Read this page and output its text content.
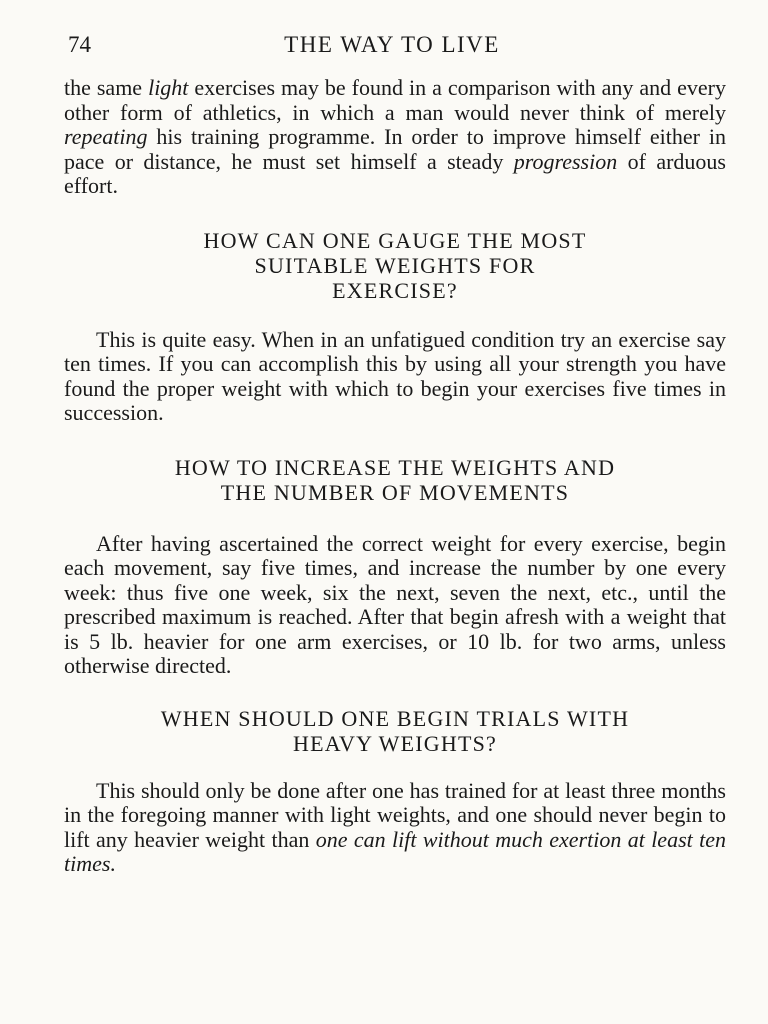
74	THE WAY TO LIVE

the same light exercises may be found in a comparison with any and every other form of athletics, in which a man would never think of merely repeating his training programme. In order to improve himself either in pace or distance, he must set himself a steady progression of arduous effort.

HOW CAN ONE GAUGE THE MOST
SUITABLE WEIGHTS FOR
EXERCISE?

This is quite easy. When in an unfatigued condition try an exercise say ten times. If you can accomplish this by using all your strength you have found the proper weight with which to begin your exercises five times in succession.

HOW TO INCREASE THE WEIGHTS AND
THE NUMBER OF MOVEMENTS

After having ascertained the correct weight for every exercise, begin each movement, say five times, and increase the number by one every week: thus five one week, six the next, seven the next, etc., until the prescribed maximum is reached. After that begin afresh with a weight that is 5 lb. heavier for one arm exercises, or 10 lb. for two arms, unless otherwise directed.

WHEN SHOULD ONE BEGIN TRIALS WITH
HEAVY WEIGHTS?

This should only be done after one has trained for at least three months in the foregoing manner with light weights, and one should never begin to lift any heavier weight than one can lift without much exertion at least ten times.
